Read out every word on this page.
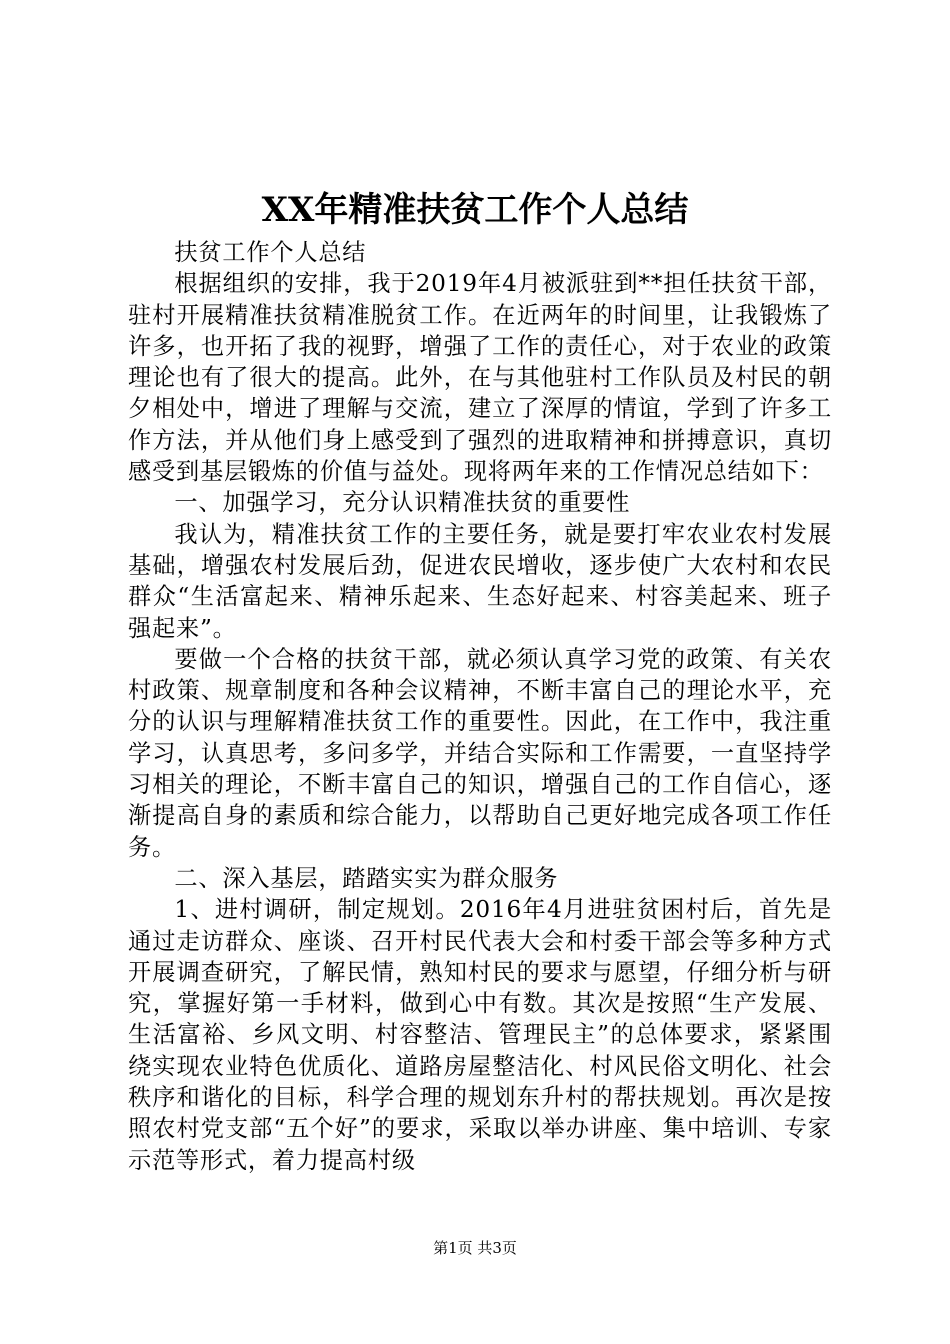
XX年精准扶贫工作个人总结

扶贫工作个人总结

根据组织的安排，我于2019年4月被派驻到**担任扶贫干部，驻村开展精准扶贫精准脱贫工作。在近两年的时间里，让我锻炼了许多，也开拓了我的视野，增强了工作的责任心，对于农业的政策理论也有了很大的提高。此外，在与其他驻村工作队员及村民的朝夕相处中，增进了理解与交流，建立了深厚的情谊，学到了许多工作方法，并从他们身上感受到了强烈的进取精神和拼搏意识，真切感受到基层锻炼的价值与益处。现将两年来的工作情况总结如下：

一、加强学习，充分认识精准扶贫的重要性

我认为，精准扶贫工作的主要任务，就是要打牢农业农村发展基础，增强农村发展后劲，促进农民增收，逐步使广大农村和农民群众“生活富起来、精神乐起来、生态好起来、村容美起来、班子强起来”。

要做一个合格的扶贫干部，就必须认真学习党的政策、有关农村政策、规章制度和各种会议精神，不断丰富自己的理论水平，充分的认识与理解精准扶贫工作的重要性。因此，在工作中，我注重学习，认真思考，多问多学，并结合实际和工作需要，一直坚持学习相关的理论，不断丰富自己的知识，增强自己的工作自信心，逐渐提高自身的素质和综合能力，以帮助自己更好地完成各项工作任务。

二、深入基层，踏踏实实为群众服务

1、进村调研，制定规划。2016年4月进驻贫困村后，首先是通过走访群众、座谈、召开村民代表大会和村委干部会等多种方式开展调查研究，了解民情，熟知村民的要求与愿望，仔细分析与研究，掌握好第一手材料，做到心中有数。其次是按照“生产发展、生活富裕、乡风文明、村容整洁、管理民主”的总体要求，紧紧围绕实现农业特色优质化、道路房屋整洁化、村风民俗文明化、社会秩序和谐化的目标，科学合理的规划东升村的帮扶规划。再次是按照农村党支部“五个好”的要求，采取以举办讲座、集中培训、专家示范等形式，着力提高村级

第1页 共3页
